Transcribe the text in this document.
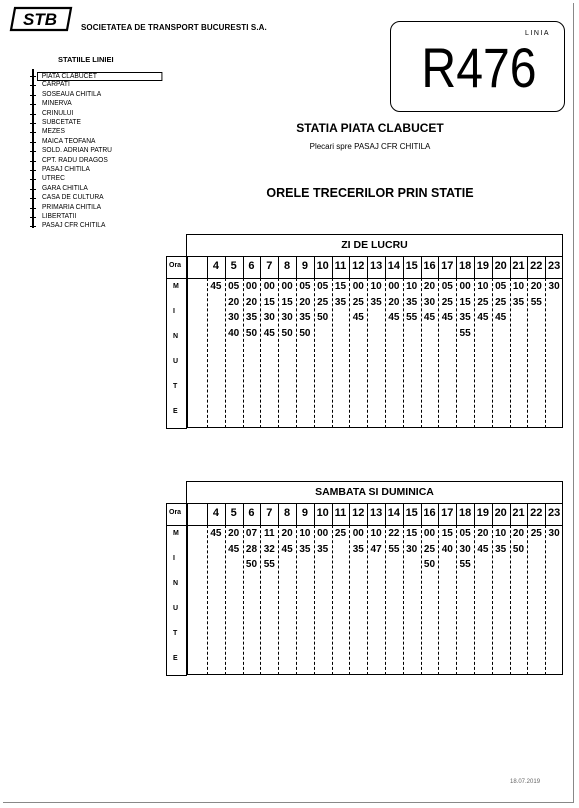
STB	SOCIETATEA DE TRANSPORT BUCURESTI S.A.
LINIA
R476
STATIILE LINIEI
PIATA CLABUCET
CARPATI
SOSEAUA CHITILA
MINERVA
CRINULUI
SUBCETATE
MEZES
MAICA TEOFANA
SOLD. ADRIAN PATRU
CPT. RADU DRAGOS
PASAJ CHITILA
UTREC
GARA CHITILA
CASA DE CULTURA
PRIMARIA CHITILA
LIBERTATII
PASAJ CFR CHITILA
STATIA PIATA CLABUCET
Plecari spre PASAJ CFR CHITILA
ORELE TRECERILOR PRIN STATIE
ZI DE LUCRU
Ora
M
I
N
U
T
E
4
45
5
05
20
30
40
6
00
20
35
50
7
00
15
30
45
8
00
15
30
50
9
05
20
35
50
10
05
25
50
11
15
35
12
00
25
45
13
10
35
14
00
20
45
15
10
35
55
16
20
30
45
17
05
25
45
18
00
15
35
55
19
10
25
45
20
05
25
45
21
10
35
22
20
55
23
30
SAMBATA SI DUMINICA
Ora
M
I
N
U
T
E
4
45
5
20
45
6
07
28
50
7
11
32
55
8
20
45
9
10
35
10
00
35
11
25
12
00
35
13
10
47
14
22
55
15
15
30
16
00
25
50
17
15
40
18
05
30
55
19
20
45
20
10
35
21
20
50
22
25
23
30
18.07.2019
